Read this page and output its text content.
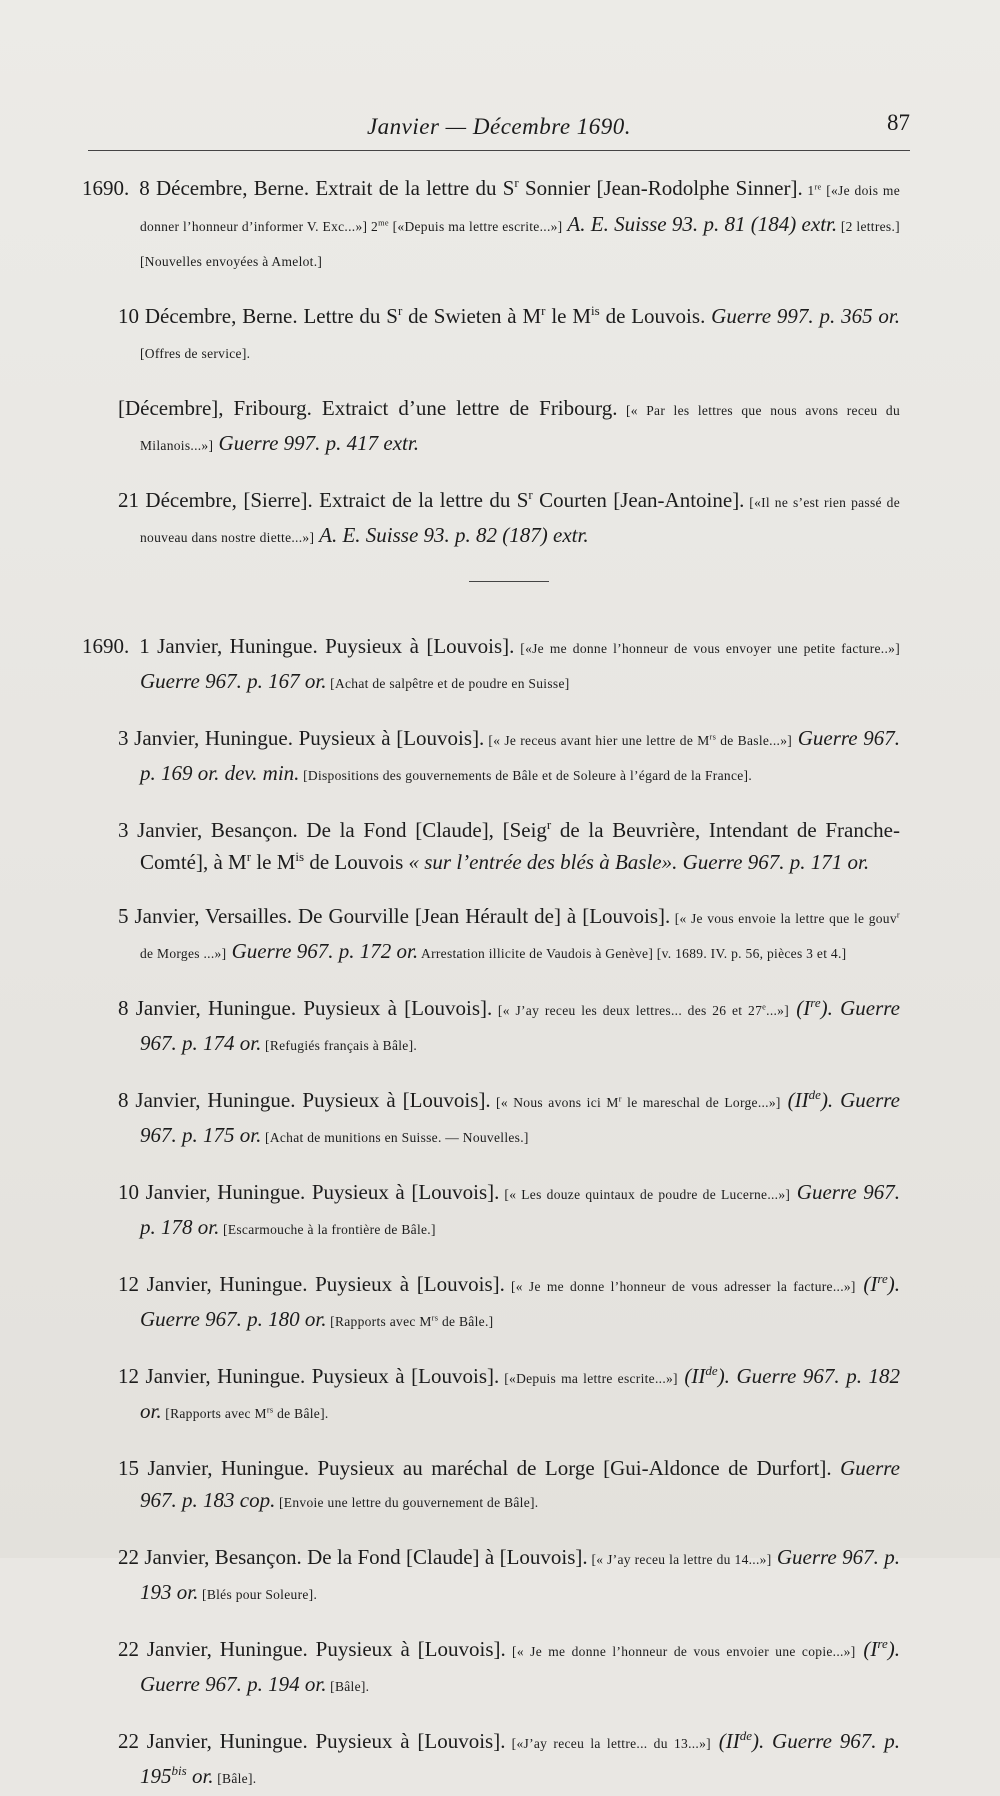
Janvier — Décembre 1690.	87

1690. 8 Décembre, Berne. Extrait de la lettre du $S^r$ Sonnier [Jean-Rodolphe Sinner]. 1re [«Je dois me donner l’honneur d’informer V. Exc...»] $2^{me}$ [«Depuis ma lettre escrite...»] A. E. Suisse 93. p. 81 (184) extr. [2 lettres.] [Nouvelles envoyées à Amelot.]

10 Décembre, Berne. Lettre du $S^r$ de Swieten à $M^r$ le $M^{is}$ de Louvois. Guerre 997. p. 365 or. [Offres de service].

[Décembre], Fribourg. Extraict d’une lettre de Fribourg. [« Par les lettres que nous avons receu du Milanois...»] Guerre 997. p. 417 extr.

21 Décembre, [Sierre]. Extraict de la lettre du $S^r$ Courten [Jean-Antoine]. [«Il ne s’est rien passé de nouveau dans nostre diette...»] A. E. Suisse 93. p. 82 (187) extr.

1690. 1 Janvier, Huningue. Puysieux à [Louvois]. [«Je me donne l’honneur de vous envoyer une petite facture..»] Guerre 967. p. 167 or. [Achat de salpêtre et de poudre en Suisse]

3 Janvier, Huningue. Puysieux à [Louvois]. [« Je receus avant hier une lettre de $M^{rs}$ de Basle...»] Guerre 967. p. 169 or. dev. min. [Dispositions des gouvernements de Bâle et de Soleure à l’égard de la France].

3 Janvier, Besançon. De la Fond [Claude], [Seig$^r$ de la Beuvrière, Intendant de Franche-Comté], à $M^r$ le $M^{is}$ de Louvois « sur l’entrée des blés à Basle». Guerre 967. p. 171 or.

5 Janvier, Versailles. De Gourville [Jean Hérault de] à [Louvois]. [« Je vous envoie la lettre que le gouv$^r$ de Morges ...»] Guerre 967. p. 172 or. Arrestation illicite de Vaudois à Genève] [v. 1689. IV. p. 56, pièces 3 et 4.]

8 Janvier, Huningue. Puysieux à [Louvois]. [« J’ay receu les deux lettres... des 26 et 27e...»] (Ire). Guerre 967. p. 174 or. [Refugiés français à Bâle].

8 Janvier, Huningue. Puysieux à [Louvois]. [« Nous avons ici $M^r$ le mareschal de Lorge...»] (IIde). Guerre 967. p. 175 or. [Achat de munitions en Suisse. — Nouvelles.]

10 Janvier, Huningue. Puysieux à [Louvois]. [« Les douze quintaux de poudre de Lucerne...»] Guerre 967. p. 178 or. [Escarmouche à la frontière de Bâle.]

12 Janvier, Huningue. Puysieux à [Louvois]. [« Je me donne l’honneur de vous adresser la facture...»] (Ire). Guerre 967. p. 180 or. [Rapports avec $M^{rs}$ de Bâle.]

12 Janvier, Huningue. Puysieux à [Louvois]. [«Depuis ma lettre escrite...»] (IIde). Guerre 967. p. 182 or. [Rapports avec $M^{rs}$ de Bâle].

15 Janvier, Huningue. Puysieux au maréchal de Lorge [Gui-Aldonce de Durfort]. Guerre 967. p. 183 cop. [Envoie une lettre du gouvernement de Bâle].

22 Janvier, Besançon. De la Fond [Claude] à [Louvois]. [« J’ay receu la lettre du 14...»] Guerre 967. p. 193 or. [Blés pour Soleure].

22 Janvier, Huningue. Puysieux à [Louvois]. [« Je me donne l’honneur de vous envoier une copie...»] (Ire). Guerre 967. p. 194 or. [Bâle].

22 Janvier, Huningue. Puysieux à [Louvois]. [«J’ay receu la lettre... du 13...»] (IIde). Guerre 967. p. $195^{bis}$ or. [Bâle].
